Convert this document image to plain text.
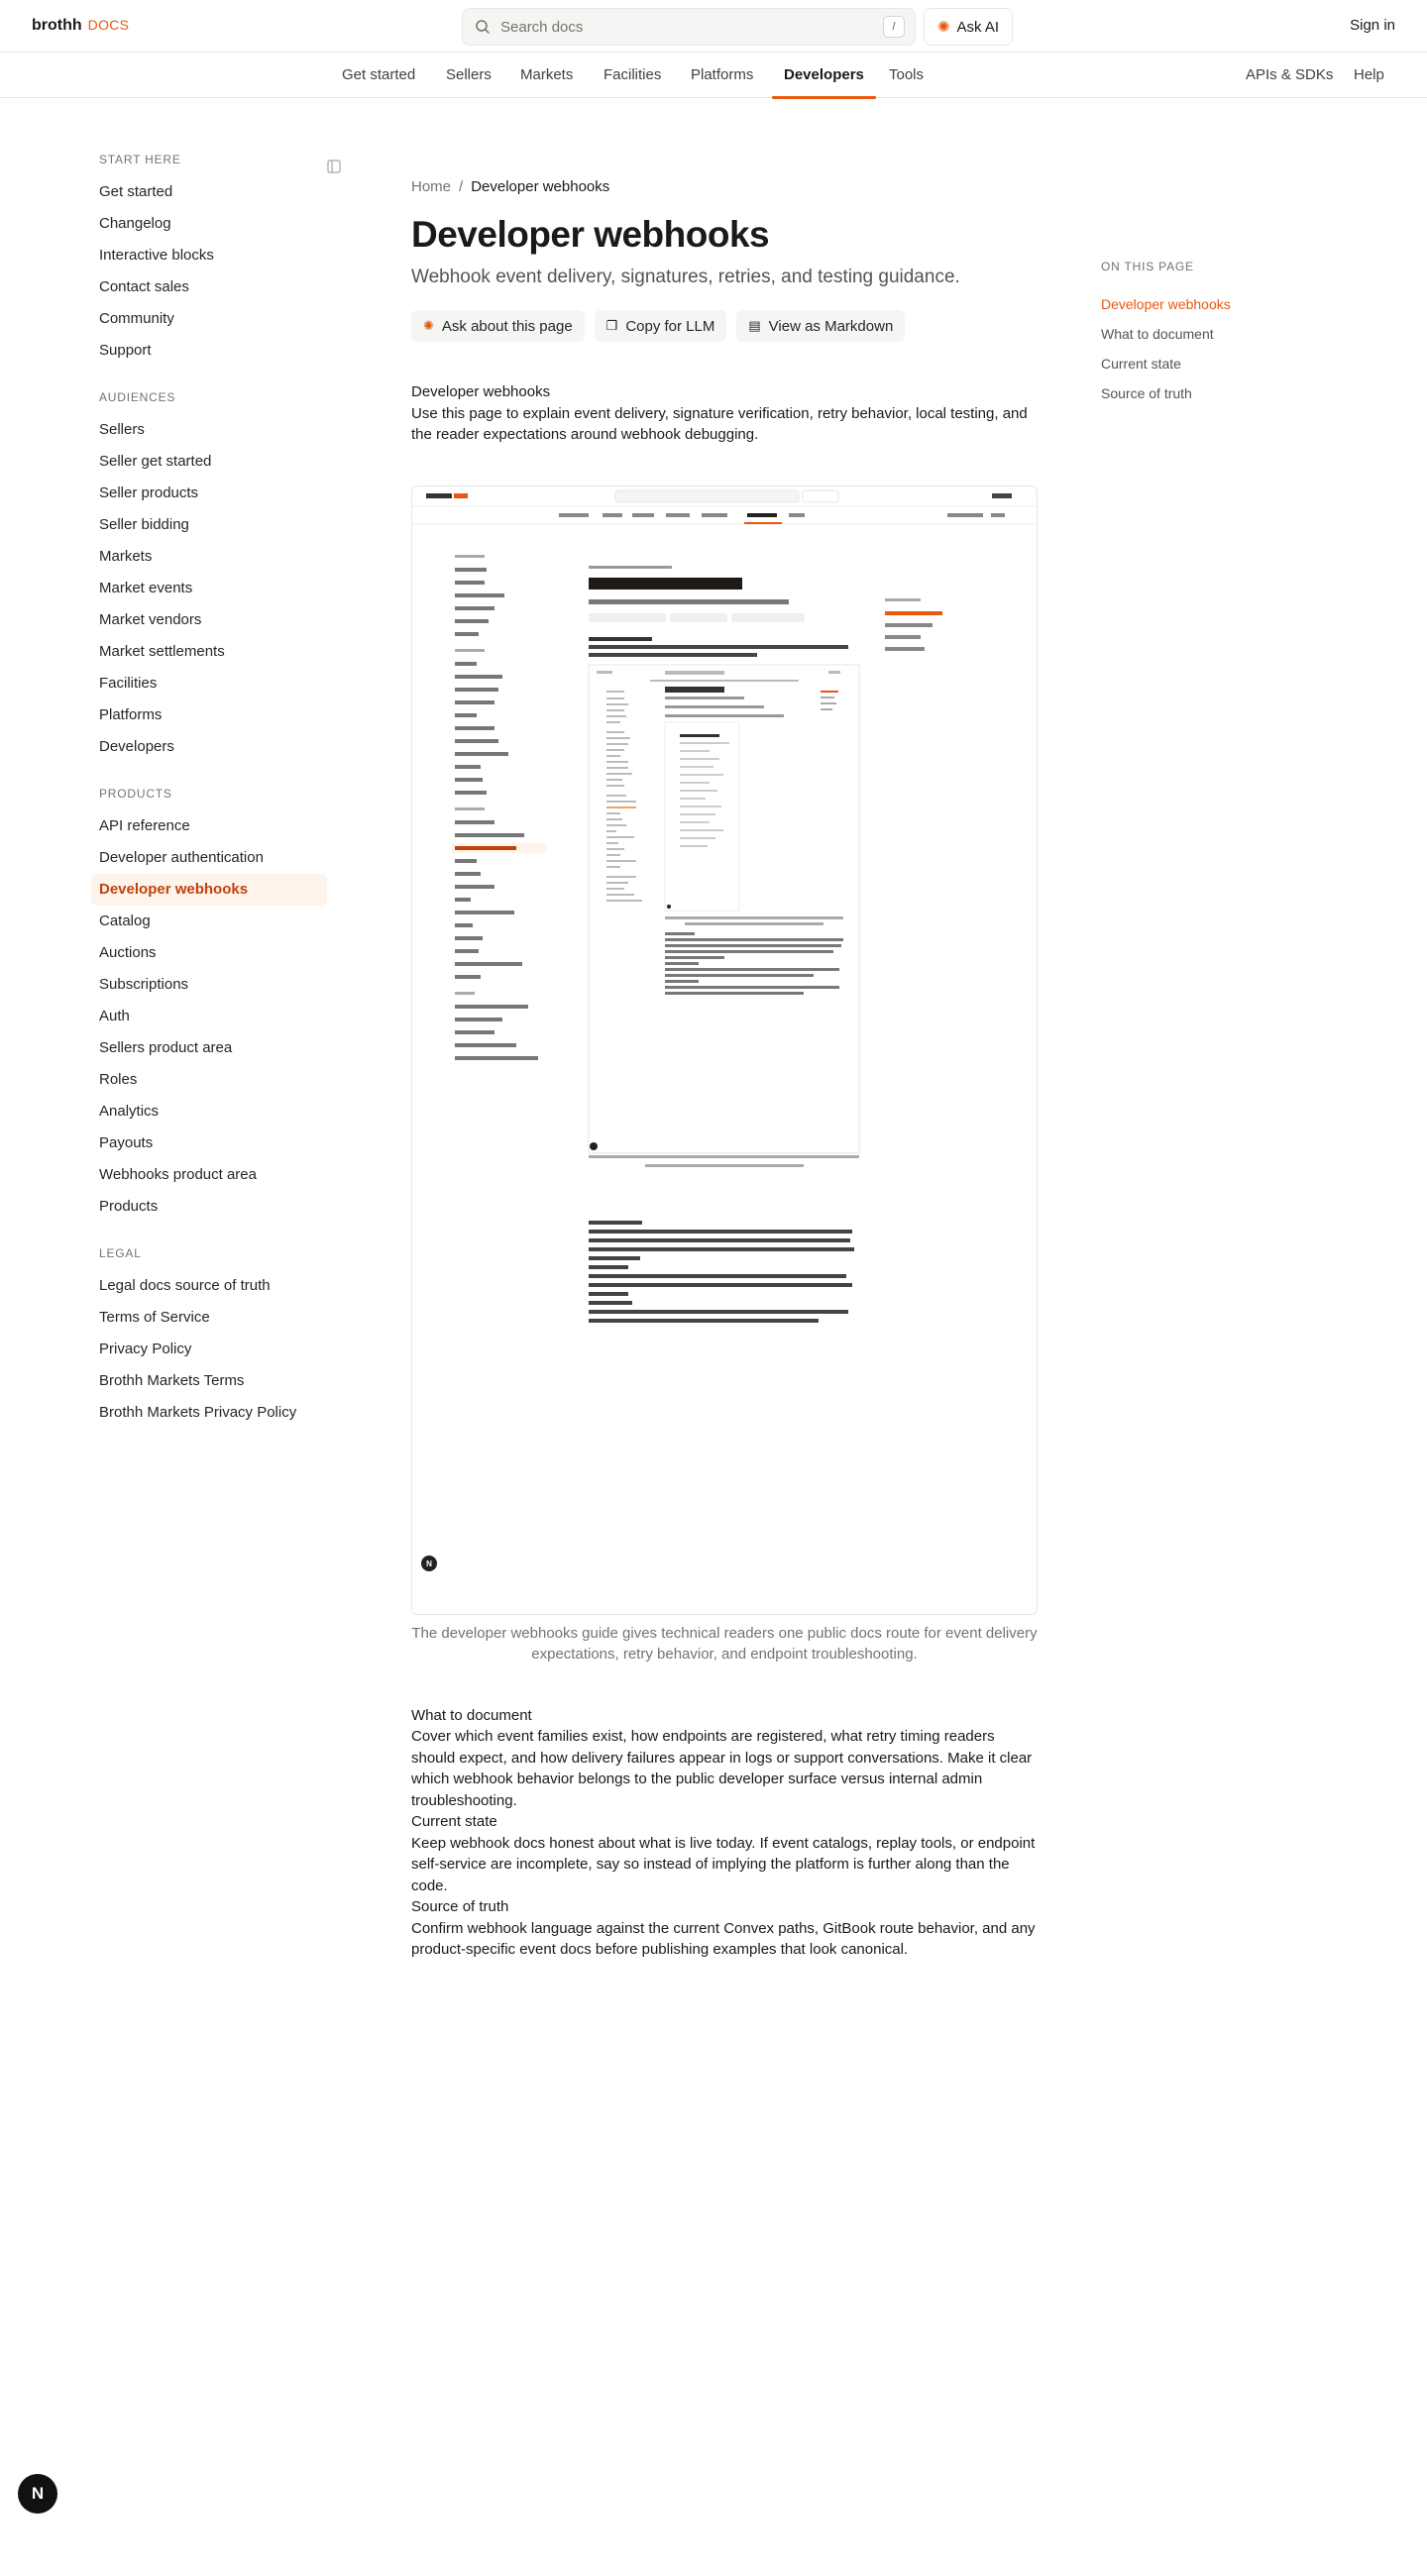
brothh DOCS
Search docs	/	✺ Ask AI	Sign in
Get started	Sellers	Markets	Facilities	Platforms	Developers	Tools	APIs & SDKs	Help
START HERE
Get started
Changelog
Interactive blocks
Contact sales
Community
Support
AUDIENCES
Sellers
Seller get started
Seller products
Seller bidding
Markets
Market events
Market vendors
Market settlements
Facilities
Platforms
Developers
PRODUCTS
API reference
Developer authentication
Developer webhooks
Catalog
Auctions
Subscriptions
Auth
Sellers product area
Roles
Analytics
Payouts
Webhooks product area
Products
LEGAL
Legal docs source of truth
Terms of Service
Privacy Policy
Brothh Markets Terms
Brothh Markets Privacy Policy
Home / Developer webhooks
Developer webhooks
Webhook event delivery, signatures, retries, and testing guidance.
✺ Ask about this page	❐ Copy for LLM	▤ View as Markdown
Developer webhooks
Use this page to explain event delivery, signature verification, retry behavior, local testing, and the reader expectations around webhook debugging.
N
The developer webhooks guide gives technical readers one public docs route for event delivery expectations, retry behavior, and endpoint troubleshooting.
What to document
Cover which event families exist, how endpoints are registered, what retry timing readers should expect, and how delivery failures appear in logs or support conversations. Make it clear which webhook behavior belongs to the public developer surface versus internal admin troubleshooting.
Current state
Keep webhook docs honest about what is live today. If event catalogs, replay tools, or endpoint self-service are incomplete, say so instead of implying the platform is further along than the code.
Source of truth
Confirm webhook language against the current Convex paths, GitBook route behavior, and any product-specific event docs before publishing examples that look canonical.
ON THIS PAGE
Developer webhooks
What to document
Current state
Source of truth
N
